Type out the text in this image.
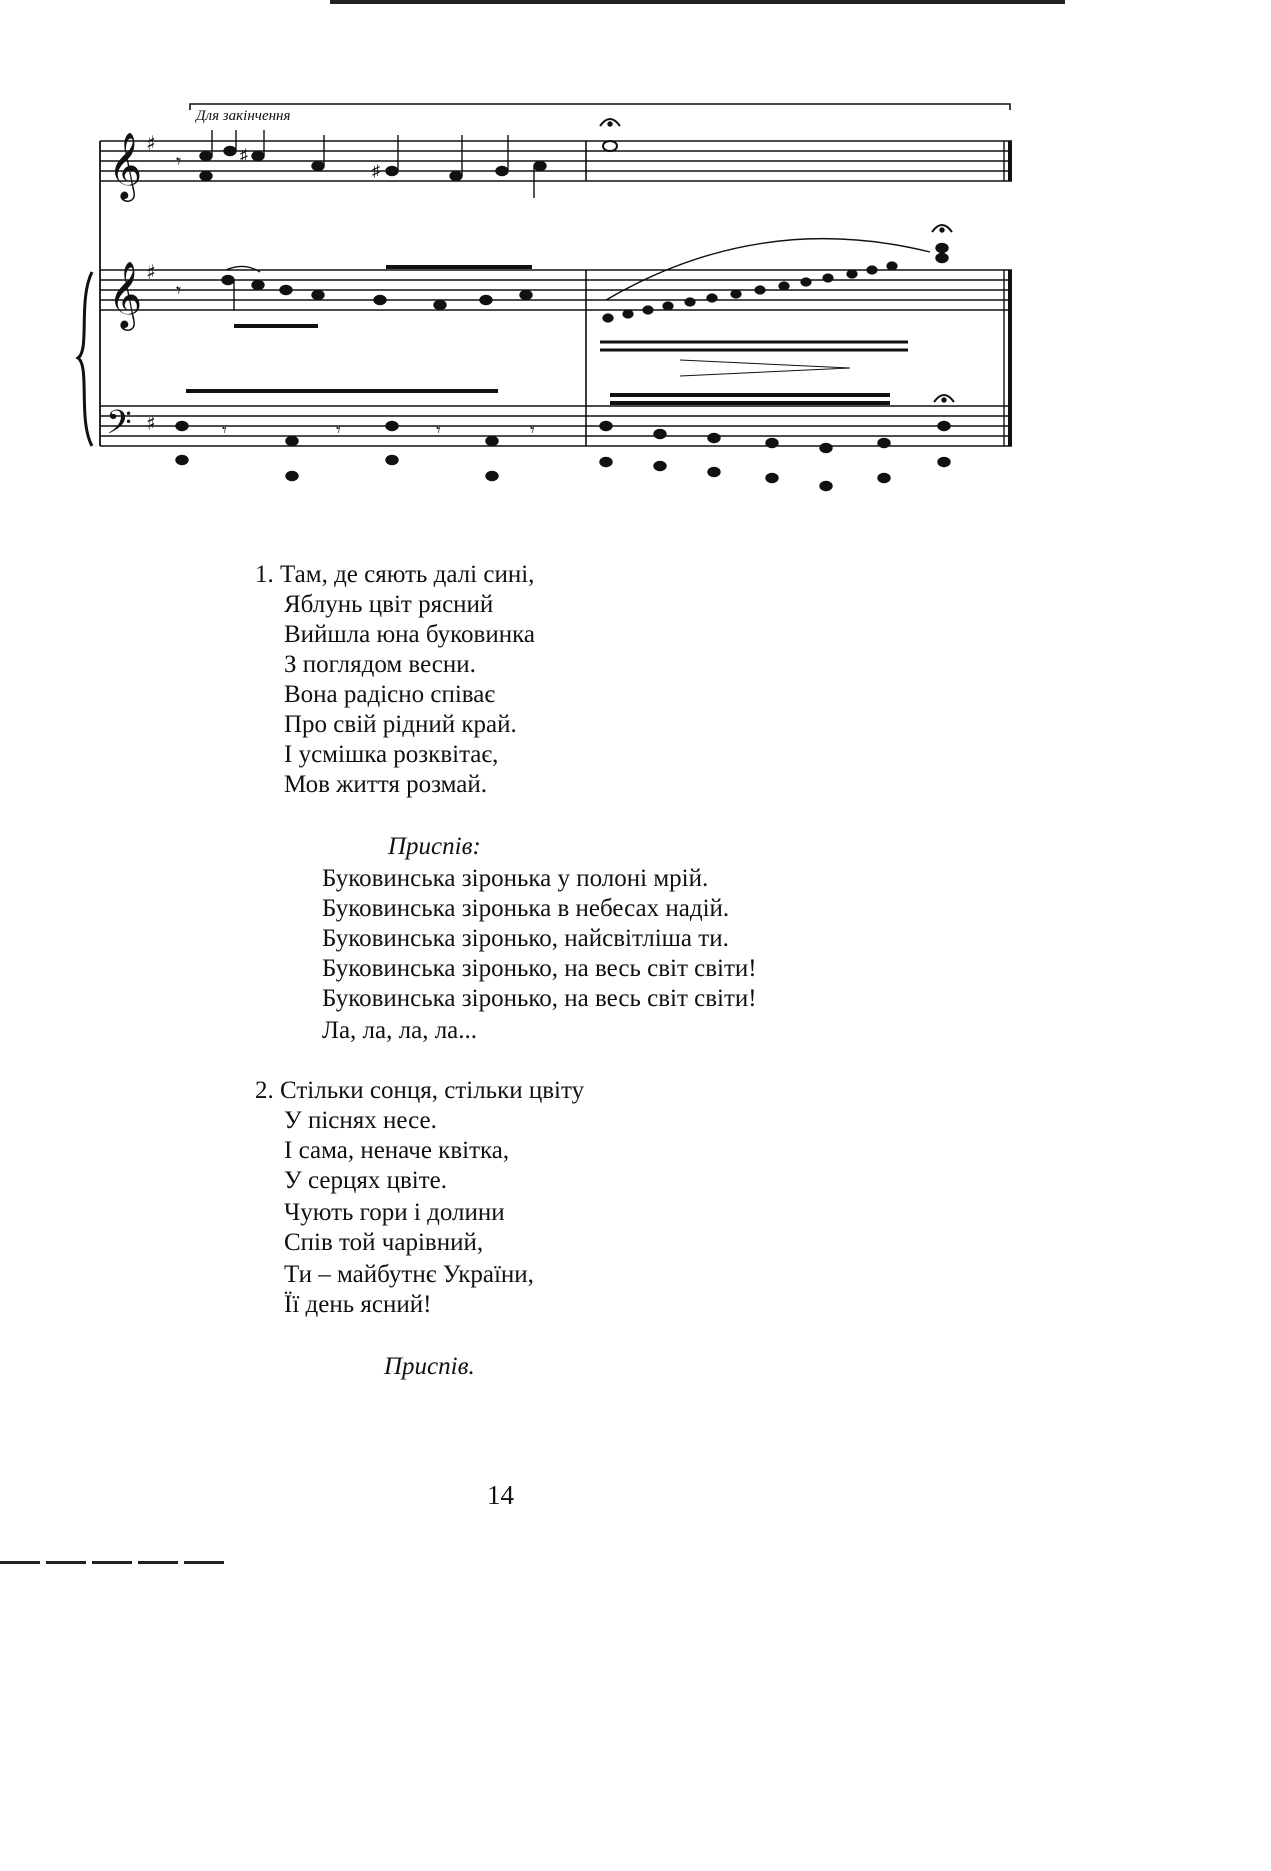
𝄞
𝄞
𝄢
♯
♯
♯
𝄾	♯
♯
𝄾
𝄾	𝄾	𝄾	𝄾
Для закінчення
1. Там, де сяють далі сині,
Яблунь цвіт рясний
Вийшла юна буковинка
З поглядом весни.
Вона радісно співає
Про свій рідний край.
І усмішка розквітає,
Мов життя розмай.
Приспів:
Буковинська зіронька у полоні мрій.
Буковинська зіронька в небесах надій.
Буковинська зіронько, найсвітліша ти.
Буковинська зіронько, на весь світ світи!
Буковинська зіронько, на весь світ світи!
Ла, ла, ла, ла...
2. Стільки сонця, стільки цвіту
У піснях несе.
І сама, неначе квітка,
У серцях цвіте.
Чують гори і долини
Спів той чарівний,
Ти – майбутнє України,
Її день ясний!
Приспів.
14
